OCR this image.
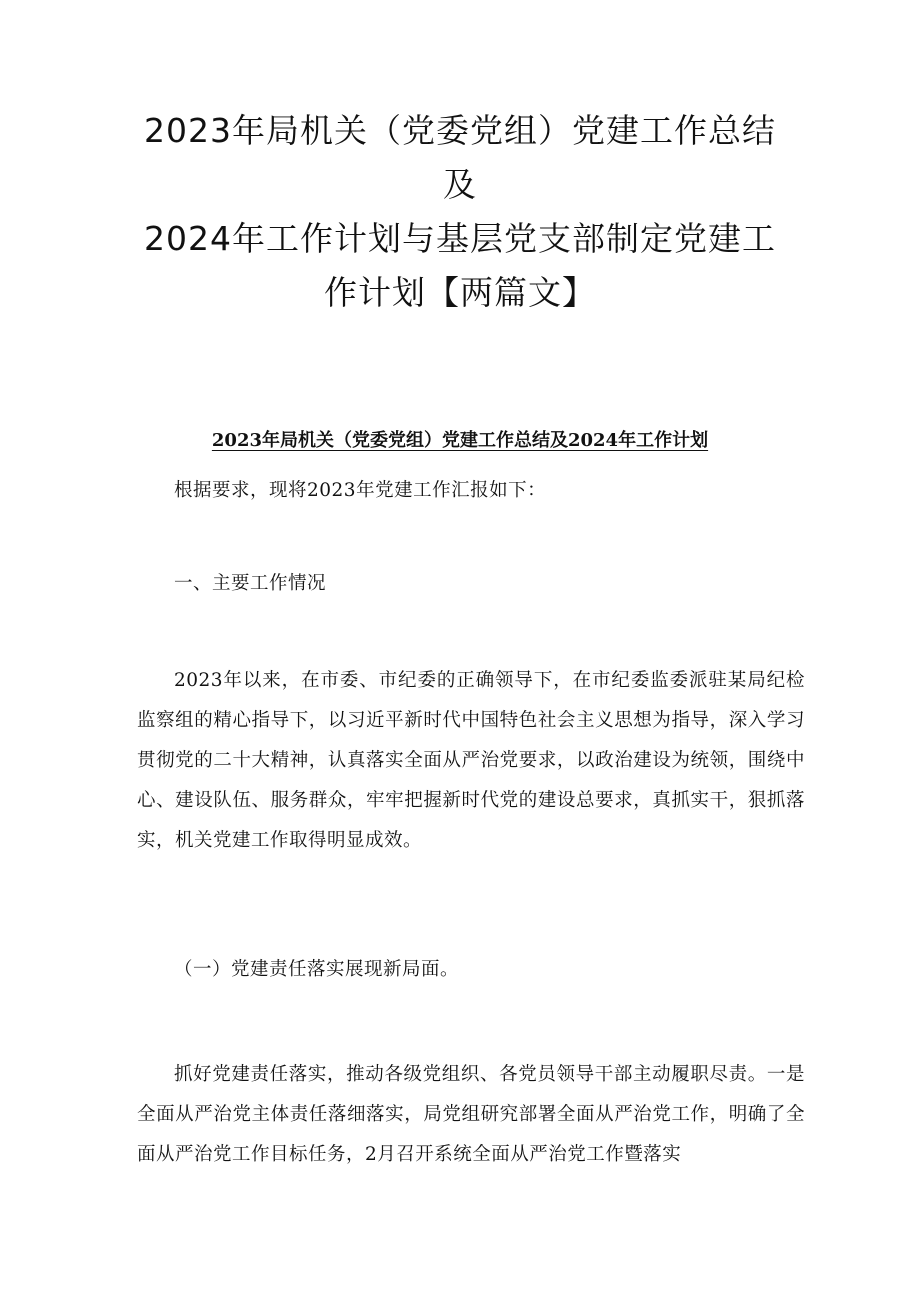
2023年局机关（党委党组）党建工作总结
及
2024年工作计划与基层党支部制定党建工
作计划【两篇文】
2023年局机关（党委党组）党建工作总结及2024年工作计划

根据要求，现将2023年党建工作汇报如下：

一、主要工作情况

2023年以来，在市委、市纪委的正确领导下，在市纪委监委派驻某局纪检监察组的精心指导下，以习近平新时代中国特色社会主义思想为指导，深入学习贯彻党的二十大精神，认真落实全面从严治党要求，以政治建设为统领，围绕中心、建设队伍、服务群众，牢牢把握新时代党的建设总要求，真抓实干，狠抓落实，机关党建工作取得明显成效。

（一）党建责任落实展现新局面。

抓好党建责任落实，推动各级党组织、各党员领导干部主动履职尽责。一是全面从严治党主体责任落细落实，局党组研究部署全面从严治党工作，明确了全面从严治党工作目标任务，2月召开系统全面从严治党工作暨落实
